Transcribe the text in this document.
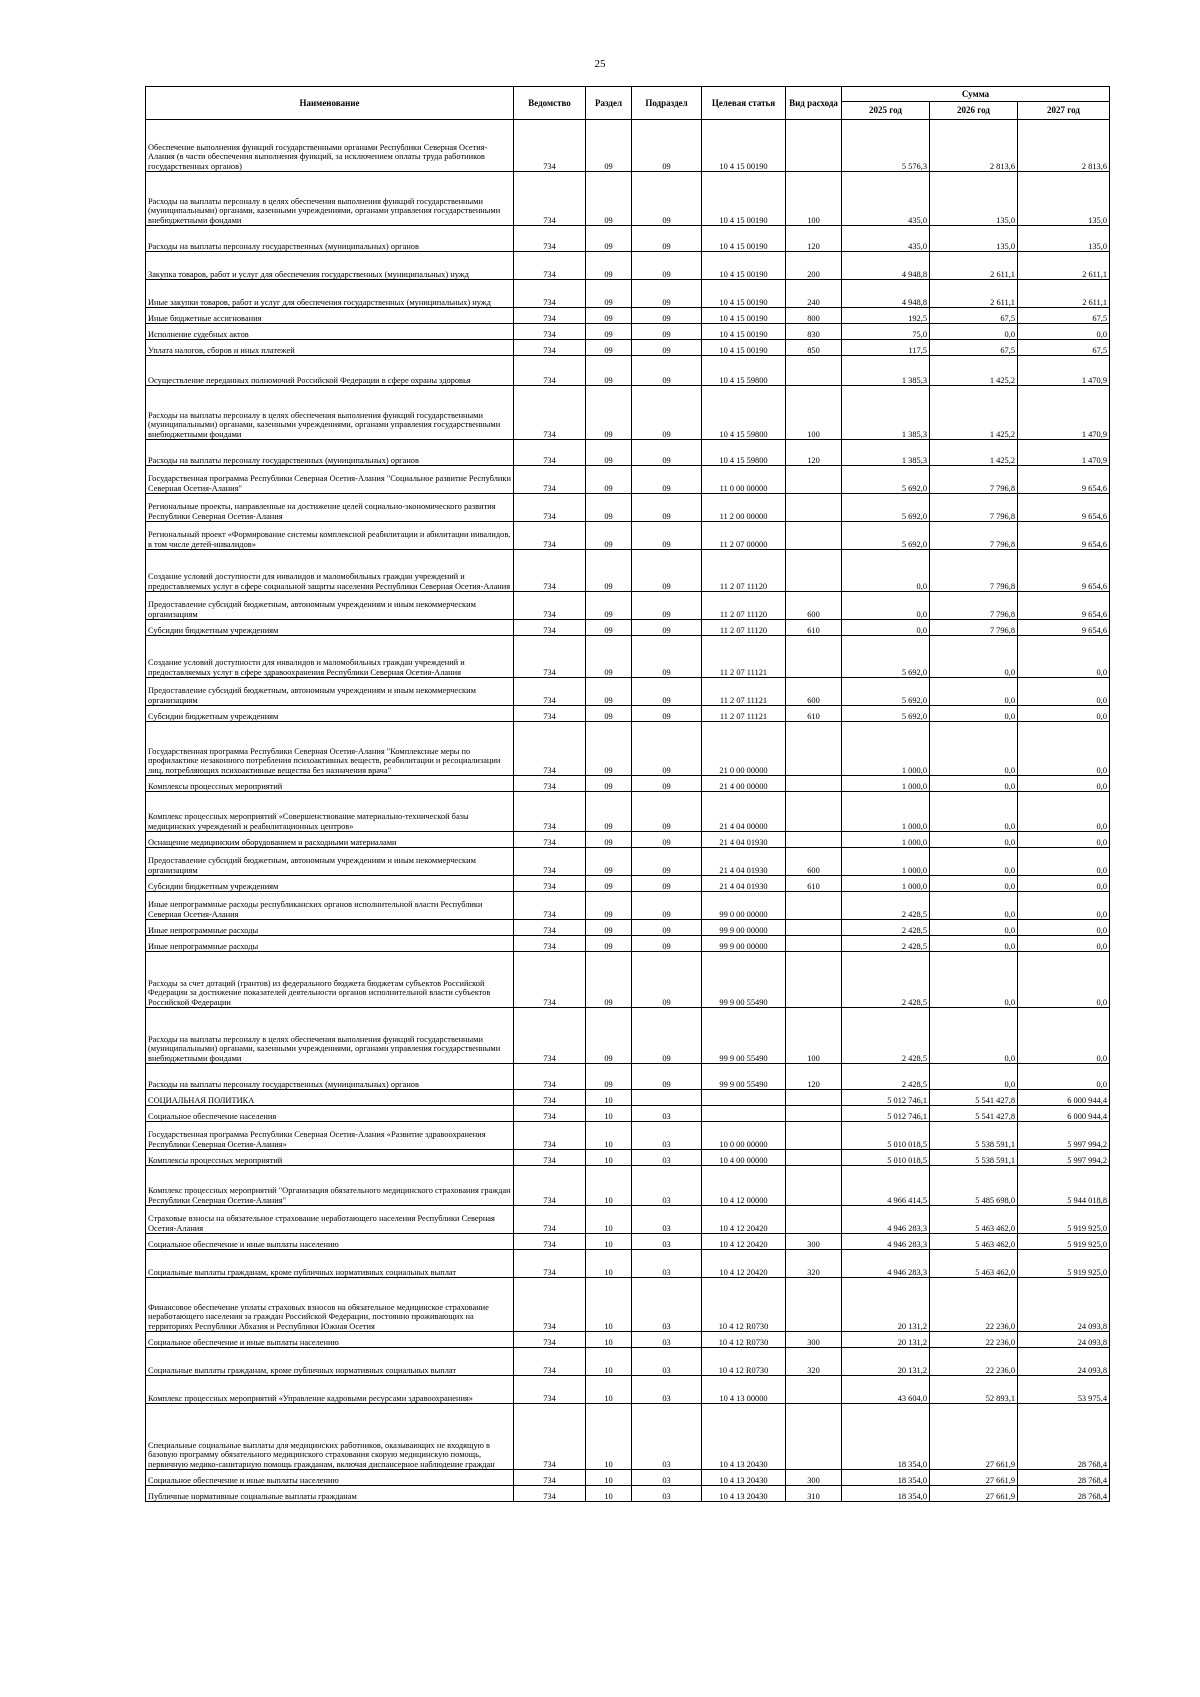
25
Наименование	Ведомство	Раздел	Подраздел	Целевая статья	Вид расхода	Сумма		
						2025 год	2026 год	2027 год
Обеспечение выполнения функций государственными органами Республики Северная Осетия-Алания (в части обеспечения выполнения функций, за исключением оплаты труда работников государственных органов)	734	09	09	10 4 15 00190		5 576,3	2 813,6	2 813,6
Расходы на выплаты персоналу в целях обеспечения выполнения функций государственными (муниципальными) органами, казенными учреждениями, органами управления государственными внебюджетными фондами	734	09	09	10 4 15 00190	100	435,0	135,0	135,0
Расходы на выплаты персоналу государственных (муниципальных) органов	734	09	09	10 4 15 00190	120	435,0	135,0	135,0
Закупка товаров, работ и услуг для обеспечения государственных (муниципальных) нужд	734	09	09	10 4 15 00190	200	4 948,8	2 611,1	2 611,1
Иные закупки товаров, работ и услуг для обеспечения государственных (муниципальных) нужд	734	09	09	10 4 15 00190	240	4 948,8	2 611,1	2 611,1
Иные бюджетные ассигнования	734	09	09	10 4 15 00190	800	192,5	67,5	67,5
Исполнение судебных актов	734	09	09	10 4 15 00190	830	75,0	0,0	0,0
Уплата налогов, сборов и иных платежей	734	09	09	10 4 15 00190	850	117,5	67,5	67,5
Осуществление переданных полномочий Российской Федерации в сфере охраны здоровья	734	09	09	10 4 15 59800		1 385,3	1 425,2	1 470,9
Расходы на выплаты персоналу в целях обеспечения выполнения функций государственными (муниципальными) органами, казенными учреждениями, органами управления государственными внебюджетными фондами	734	09	09	10 4 15 59800	100	1 385,3	1 425,2	1 470,9
Расходы на выплаты персоналу государственных (муниципальных) органов	734	09	09	10 4 15 59800	120	1 385,3	1 425,2	1 470,9
Государственная программа Республики Северная Осетия-Алания "Социальное развитие Республики Северная Осетия-Алания"	734	09	09	11 0 00 00000		5 692,0	7 796,8	9 654,6
Региональные проекты, направленные на достижение целей социально-экономического развития Республики Северная Осетия-Алания	734	09	09	11 2 00 00000		5 692,0	7 796,8	9 654,6
Региональный проект «Формирование системы комплексной реабилитации и абилитации инвалидов, в том числе детей-инвалидов»	734	09	09	11 2 07 00000		5 692,0	7 796,8	9 654,6
Создание условий доступности для инвалидов и маломобильных граждан учреждений и предоставляемых услуг в сфере социальной защиты населения Республики Северная Осетия-Алания	734	09	09	11 2 07 11120		0,0	7 796,8	9 654,6
Предоставление субсидий бюджетным, автономным учреждениям и иным некоммерческим организациям	734	09	09	11 2 07 11120	600	0,0	7 796,8	9 654,6
Субсидии бюджетным учреждениям	734	09	09	11 2 07 11120	610	0,0	7 796,8	9 654,6
Создание условий доступности для инвалидов и маломобильных граждан учреждений и предоставляемых услуг в сфере здравоохранения Республики Северная Осетия-Алания	734	09	09	11 2 07 11121		5 692,0	0,0	0,0
Предоставление субсидий бюджетным, автономным учреждениям и иным некоммерческим организациям	734	09	09	11 2 07 11121	600	5 692,0	0,0	0,0
Субсидии бюджетным учреждениям	734	09	09	11 2 07 11121	610	5 692,0	0,0	0,0
Государственная программа Республики Северная Осетия-Алания "Комплексные меры по профилактике незаконного потребления психоактивных веществ, реабилитации и ресоциализации лиц, потребляющих психоактивные вещества без назначения врача"	734	09	09	21 0 00 00000		1 000,0	0,0	0,0
Комплексы процессных мероприятий	734	09	09	21 4 00 00000		1 000,0	0,0	0,0
Комплекс процессных мероприятий «Совершенствование материально-технической базы медицинских учреждений и реабилитационных центров»	734	09	09	21 4 04 00000		1 000,0	0,0	0,0
Оснащение медицинским оборудованием и расходными материалами	734	09	09	21 4 04 01930		1 000,0	0,0	0,0
Предоставление субсидий бюджетным, автономным учреждениям и иным некоммерческим организациям	734	09	09	21 4 04 01930	600	1 000,0	0,0	0,0
Субсидии бюджетным учреждениям	734	09	09	21 4 04 01930	610	1 000,0	0,0	0,0
Иные непрограммные расходы республиканских органов исполнительной власти Республики Северная Осетия-Алания	734	09	09	99 0 00 00000		2 428,5	0,0	0,0
Иные непрограммные расходы	734	09	09	99 9 00 00000		2 428,5	0,0	0,0
Иные непрограммные расходы	734	09	09	99 9 00 00000		2 428,5	0,0	0,0
Расходы за счет дотаций (грантов) из федерального бюджета бюджетам субъектов Российской Федерации за достижение показателей деятельности органов исполнительной власти субъектов Российской Федерации	734	09	09	99 9 00 55490		2 428,5	0,0	0,0
Расходы на выплаты персоналу в целях обеспечения выполнения функций государственными (муниципальными) органами, казенными учреждениями, органами управления государственными внебюджетными фондами	734	09	09	99 9 00 55490	100	2 428,5	0,0	0,0
Расходы на выплаты персоналу государственных (муниципальных) органов	734	09	09	99 9 00 55490	120	2 428,5	0,0	0,0
СОЦИАЛЬНАЯ ПОЛИТИКА	734	10				5 012 746,1	5 541 427,8	6 000 944,4
Социальное обеспечение населения	734	10	03			5 012 746,1	5 541 427,8	6 000 944,4
Государственная программа Республики Северная Осетия-Алания «Развитие здравоохранения Республики Северная Осетия-Алания»	734	10	03	10 0 00 00000		5 010 018,5	5 538 591,1	5 997 994,2
Комплексы процессных мероприятий	734	10	03	10 4 00 00000		5 010 018,5	5 538 591,1	5 997 994,2
Комплекс процессных мероприятий "Организация обязательного медицинского страхования граждан Республики Северная Осетия-Алания"	734	10	03	10 4 12 00000		4 966 414,5	5 485 698,0	5 944 018,8
Страховые взносы на обязательное страхование неработающего населения Республики Северная Осетия-Алания	734	10	03	10 4 12 20420		4 946 283,3	5 463 462,0	5 919 925,0
Социальное обеспечение и иные выплаты населению	734	10	03	10 4 12 20420	300	4 946 283,3	5 463 462,0	5 919 925,0
Социальные выплаты гражданам, кроме публичных нормативных социальных выплат	734	10	03	10 4 12 20420	320	4 946 283,3	5 463 462,0	5 919 925,0
Финансовое обеспечение уплаты страховых взносов на обязательное медицинское страхование неработающего населения за граждан Российской Федерации, постоянно проживающих на территориях Республики Абхазия и Республики Южная Осетия	734	10	03	10 4 12 R0730		20 131,2	22 236,0	24 093,8
Социальное обеспечение и иные выплаты населению	734	10	03	10 4 12 R0730	300	20 131,2	22 236,0	24 093,8
Социальные выплаты гражданам, кроме публичных нормативных социальных выплат	734	10	03	10 4 12 R0730	320	20 131,2	22 236,0	24 093,8
Комплекс процессных мероприятий «Управление кадровыми ресурсами здравоохранения»	734	10	03	10 4 13 00000		43 604,0	52 893,1	53 975,4
Специальные социальные выплаты для медицинских работников, оказывающих не входящую в базовую программу обязательного медицинского страхования скорую медицинскую помощь, первичную медико-санитарную помощь гражданам, включая диспансерное наблюдение граждан	734	10	03	10 4 13 20430		18 354,0	27 661,9	28 768,4
Социальное обеспечение и иные выплаты населению	734	10	03	10 4 13 20430	300	18 354,0	27 661,9	28 768,4
Публичные нормативные социальные выплаты гражданам	734	10	03	10 4 13 20430	310	18 354,0	27 661,9	28 768,4
